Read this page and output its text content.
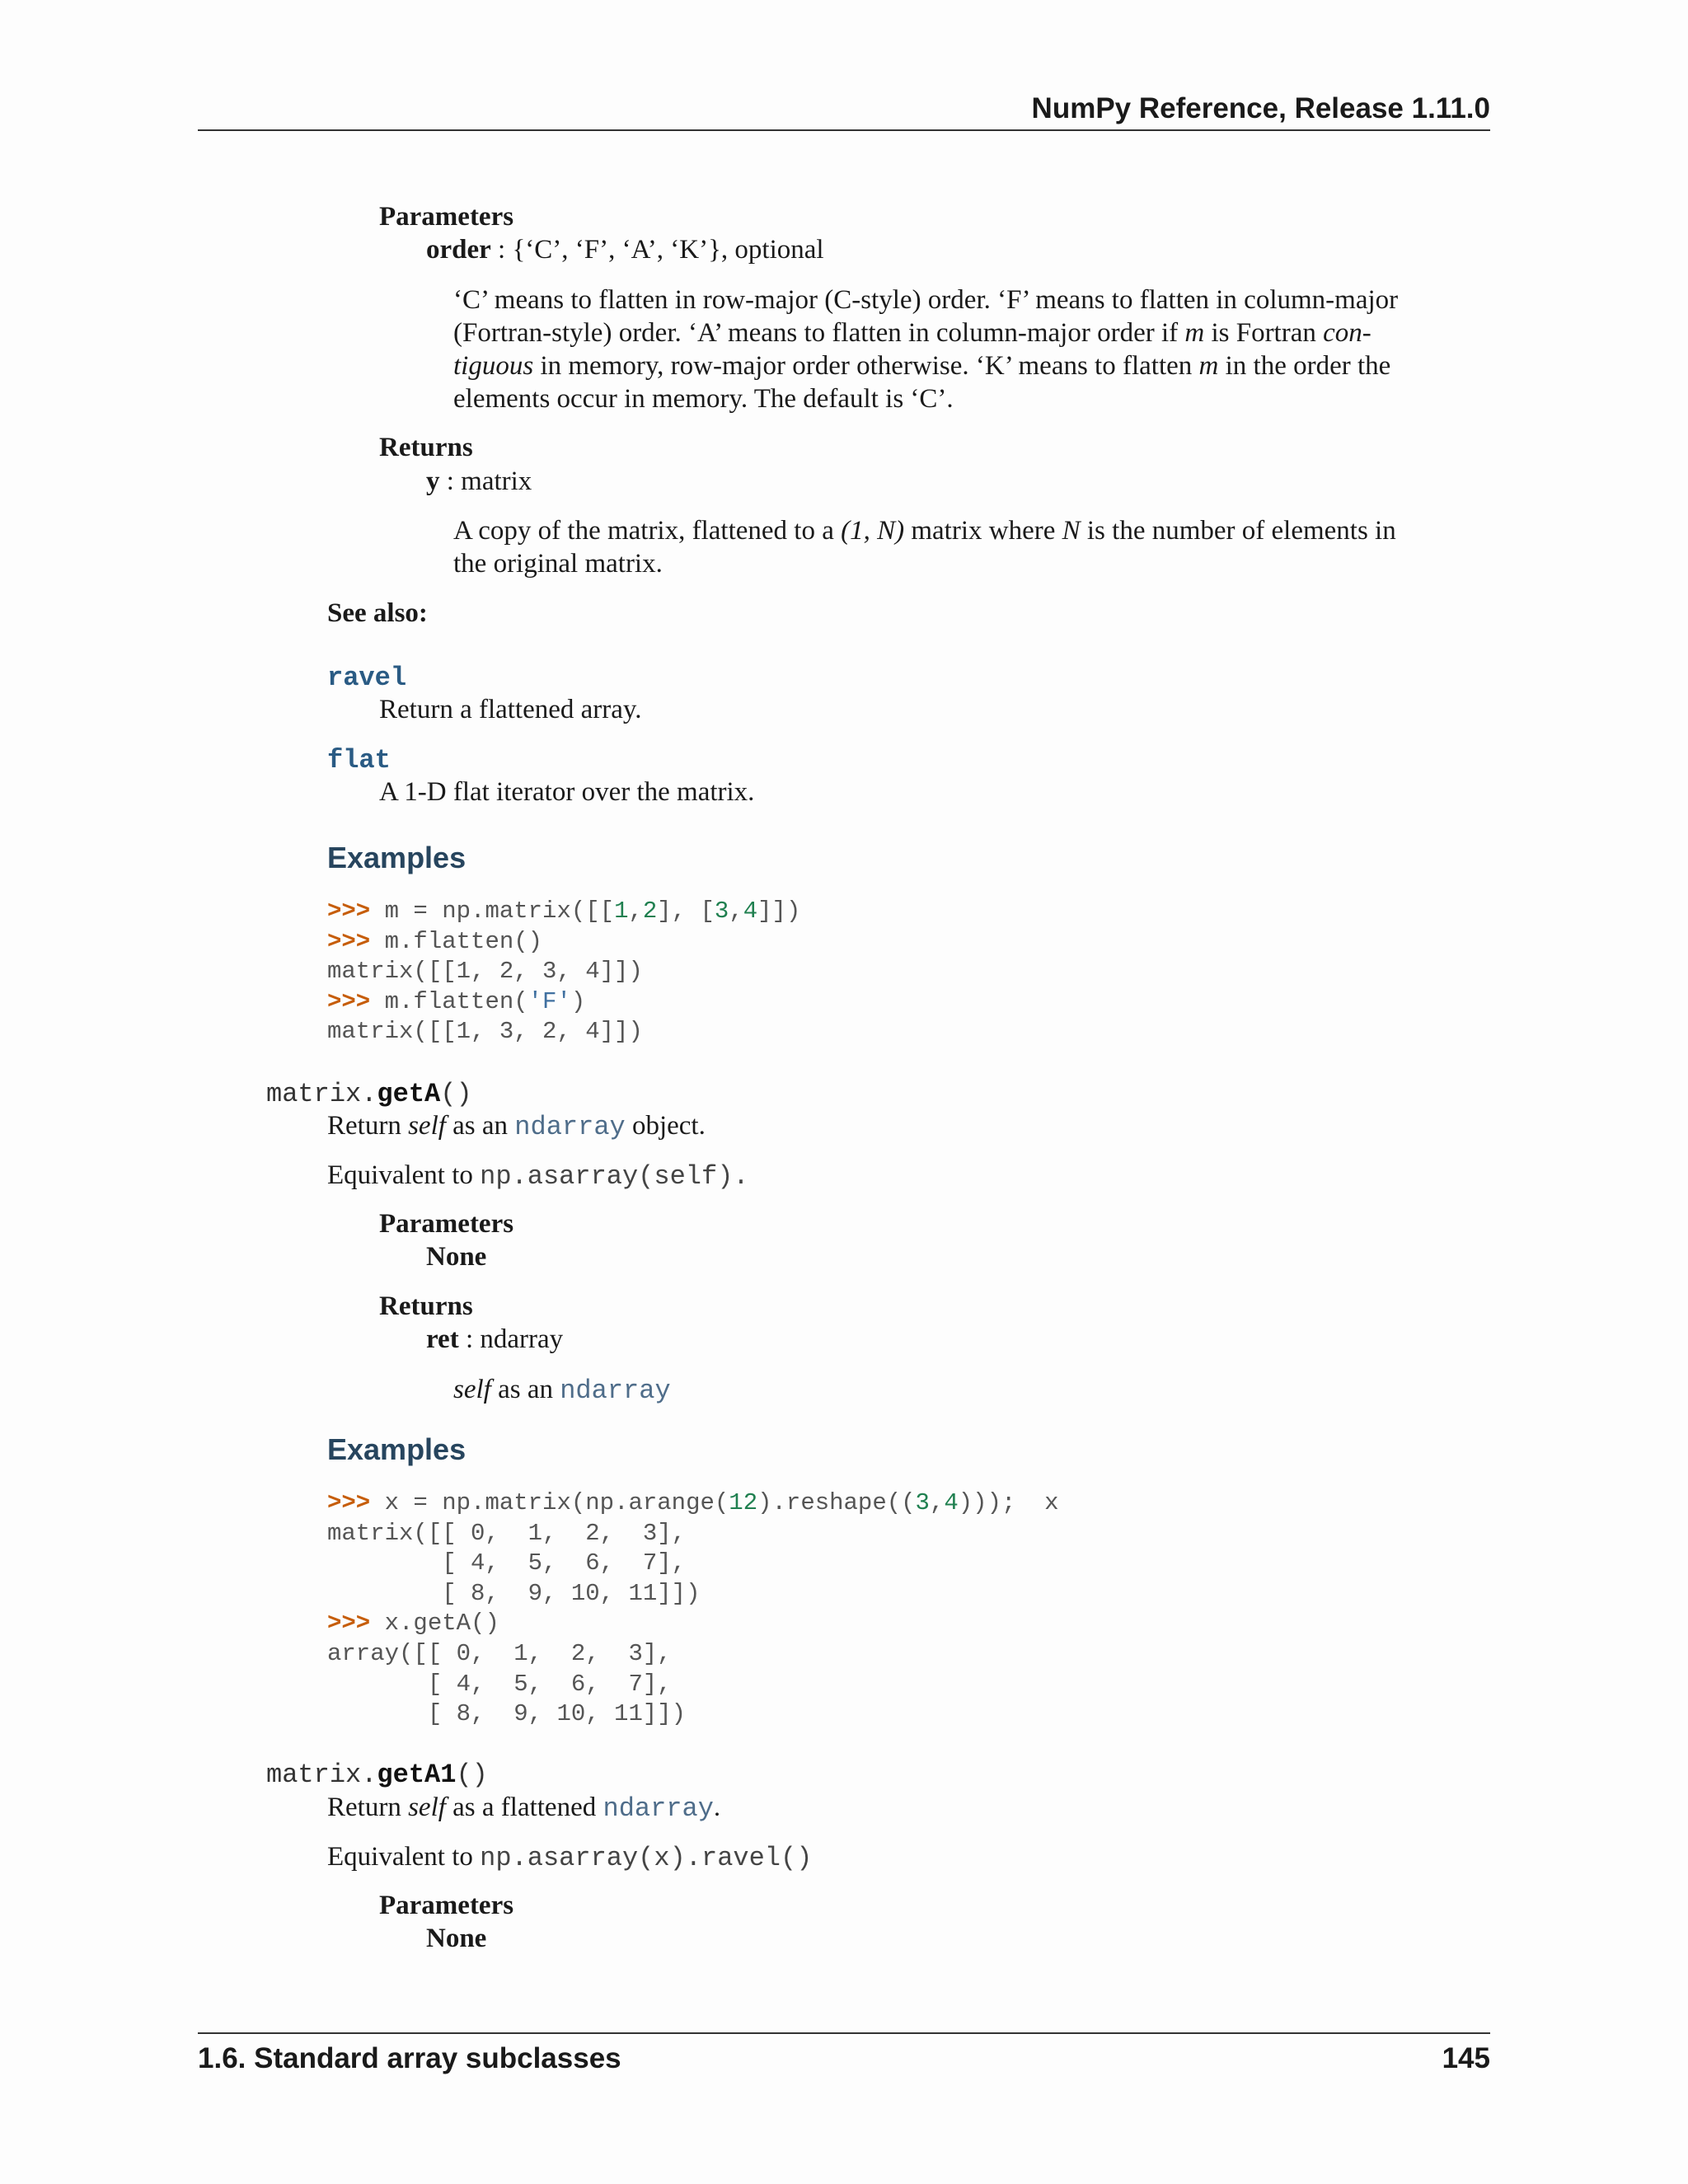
NumPy Reference, Release 1.11.0
Parameters
order : {‘C’, ‘F’, ‘A’, ‘K’}, optional
‘C’ means to flatten in row-major (C-style) order. ‘F’ means to flatten in column-major
(Fortran-style) order. ‘A’ means to flatten in column-major order if m is Fortran con-
tiguous in memory, row-major order otherwise. ‘K’ means to flatten m in the order the
elements occur in memory. The default is ‘C’.
Returns
y : matrix
A copy of the matrix, flattened to a (1, N) matrix where N is the number of elements in
the original matrix.
See also:
ravel
Return a flattened array.
flat
A 1-D flat iterator over the matrix.
Examples
>>> m = np.matrix([[1,2], [3,4]])
>>> m.flatten()
matrix([[1, 2, 3, 4]])
>>> m.flatten('F')
matrix([[1, 3, 2, 4]])
matrix.getA()
Return self as an ndarray object.
Equivalent to np.asarray(self).
Parameters
None
Returns
ret : ndarray
self as an ndarray
Examples
>>> x = np.matrix(np.arange(12).reshape((3,4)));  x
matrix([[ 0,  1,  2,  3],
[ 4,  5,  6,  7],
[ 8,  9, 10, 11]])
>>> x.getA()
array([[ 0,  1,  2,  3],
[ 4,  5,  6,  7],
[ 8,  9, 10, 11]])
matrix.getA1()
Return self as a flattened ndarray.
Equivalent to np.asarray(x).ravel()
Parameters
None
1.6. Standard array subclasses	145
